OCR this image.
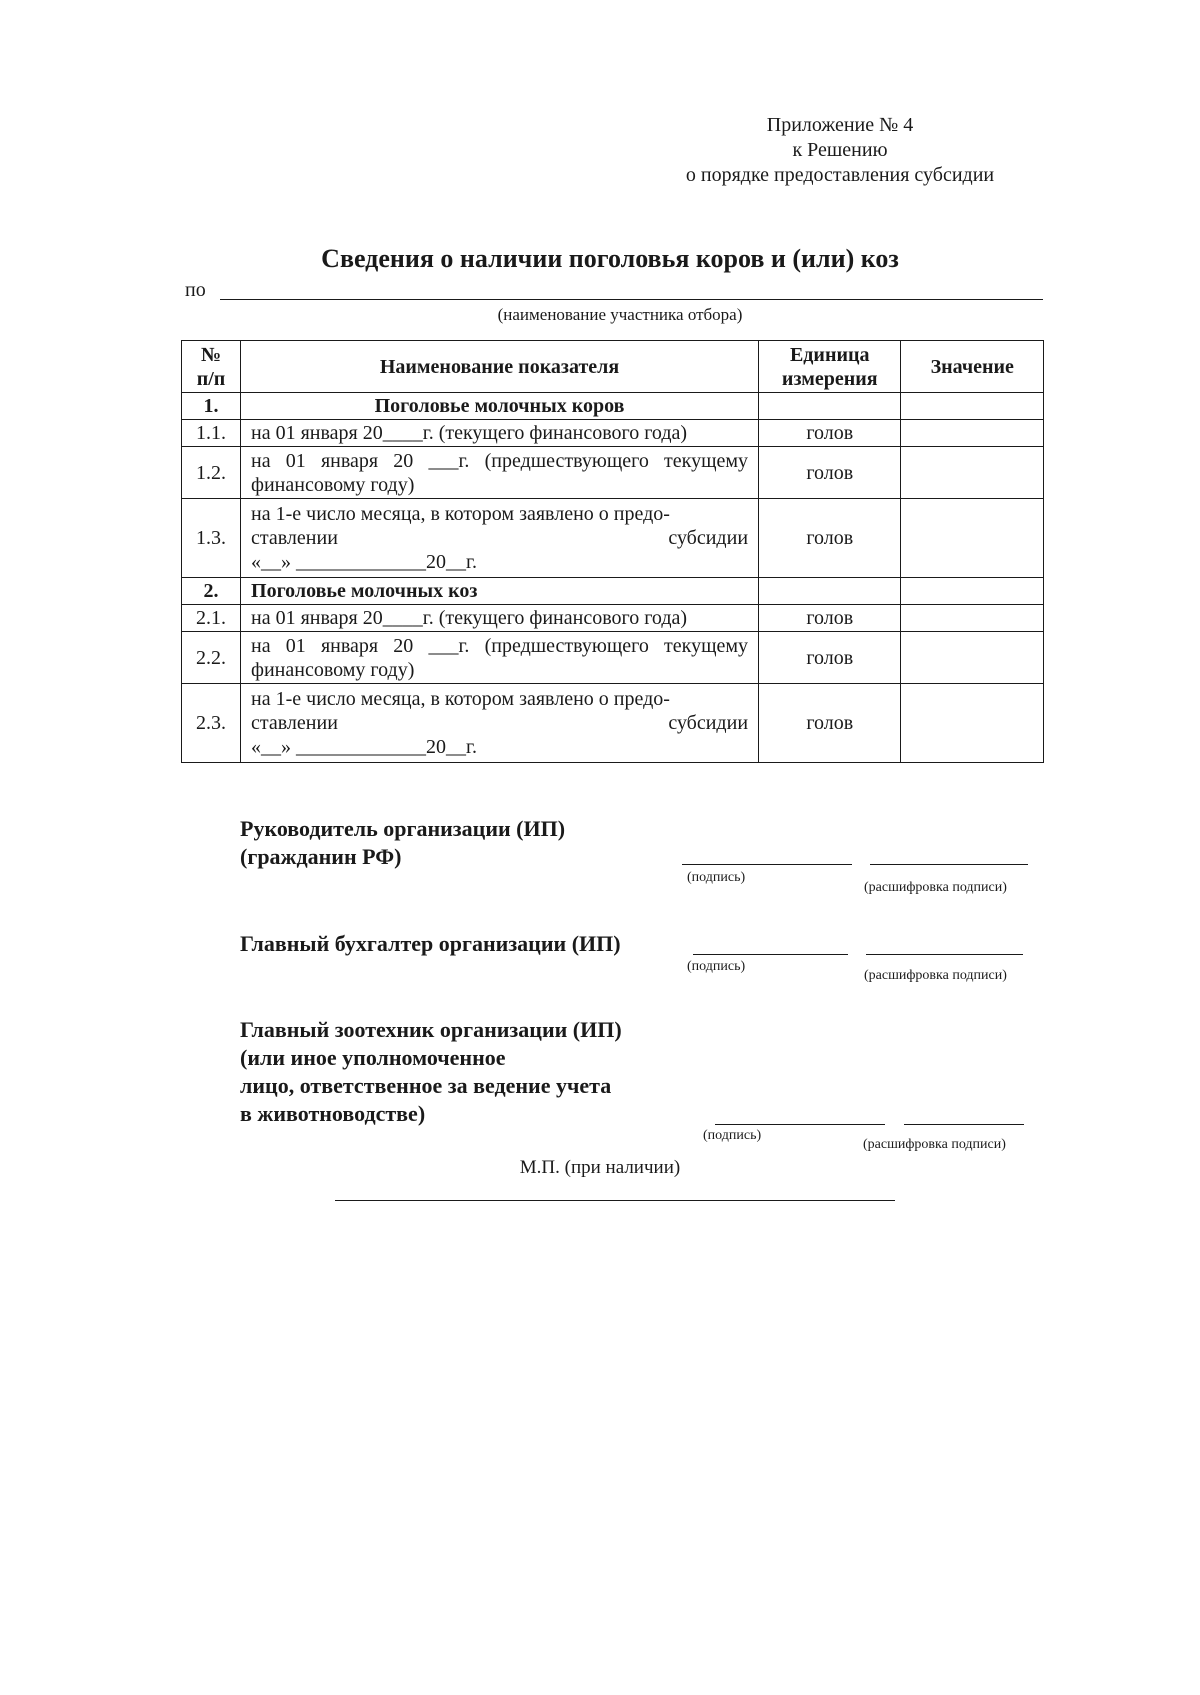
Приложение № 4
к Решению
о порядке предоставления субсидии
Сведения о наличии поголовья коров и (или) коз
по
(наименование участника отбора)
№ п/п	Наименование показателя	Единица измерения	Значение
1.	Поголовье молочных коров		
1.1.	на 01 января 20____г. (текущего финансового года)	голов	
1.2.	на 01 января 20 ___г. (предшествующего текущему финансовому году)	голов	
1.3.	на 1-е число месяца, в котором заявлено о предо-
ставлении субсидии
«__» _____________20__г.	голов	
2.	Поголовье молочных коз		
2.1.	на 01 января 20____г. (текущего финансового года)	голов	
2.2.	на 01 января 20 ___г. (предшествующего текущему финансовому году)	голов	
2.3.	на 1-е число месяца, в котором заявлено о предо-
ставлении субсидии
«__» _____________20__г.	голов	
Руководитель организации (ИП)
(гражданин РФ)
(подпись)
(расшифровка подписи)
Главный бухгалтер организации (ИП)
(подпись)
(расшифровка подписи)
Главный зоотехник организации (ИП)
(или иное уполномоченное
лицо, ответственное за ведение учета
в животноводстве)
(подпись)
(расшифровка подписи)
М.П. (при наличии)
